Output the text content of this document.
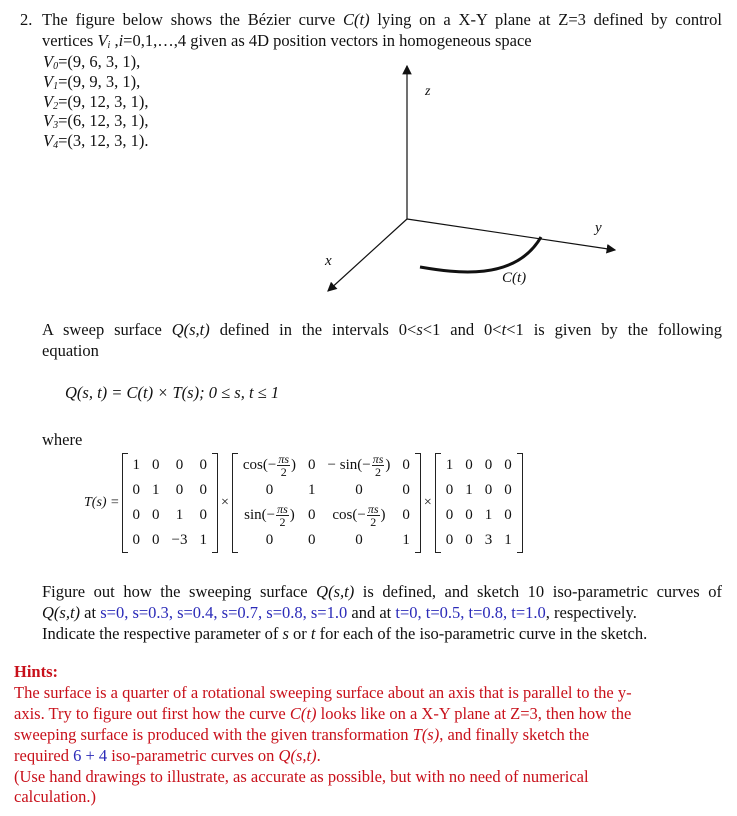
2. The figure below shows the Bézier curve C(t) lying on a X-Y plane at Z=3 defined by control
vertices $V_i$ ,i=0,1,…,4 given as 4D position vectors in homogeneous space
$V_0=(9$, 6, 3, 1),
$V_1=(9$, 9, 3, 1),
$V_2=(9$, 12, 3, 1),
$V_3=(6$, 12, 3, 1),
$V_4=(3$, 12, 3, 1).
z
x
y
C(t)
A sweep surface Q(s,t) defined in the intervals 0<s<1 and 0<t<1 is given by the following
equation
Q(s, t) = C(t) × T(s); 0 ≤ s, t ≤ 1
where
T(s) =
1	0	0	0
0	1	0	0
0	0	1	0
0	0	−3	1
×
$\cos(- \frac{\pi s}{2}$ )	0	− $\sin(- \frac{\pi s}{2}$ )	0
0	1	0	0
$\sin(- \frac{\pi s}{2}$ )	0	$\cos(- \frac{\pi s}{2}$ )	0
0	0	0	1
×
1	0	0	0
0	1	0	0
0	0	1	0
0	0	3	1
Figure out how the sweeping surface Q(s,t) is defined, and sketch 10 iso-parametric curves of
Q(s,t) at s=0, s=0.3, s=0.4, s=0.7, s=0.8, s=1.0 and at t=0, t=0.5, t=0.8, t=1.0, respectively.
Indicate the respective parameter of s or t for each of the iso-parametric curve in the sketch.
Hints:
The surface is a quarter of a rotational sweeping surface about an axis that is parallel to the y-
axis. Try to figure out first how the curve C(t) looks like on a X-Y plane at Z=3, then how the
sweeping surface is produced with the given transformation T(s), and finally sketch the
required 6 + 4 iso-parametric curves on Q(s,t).
(Use hand drawings to illustrate, as accurate as possible, but with no need of numerical
calculation.)
